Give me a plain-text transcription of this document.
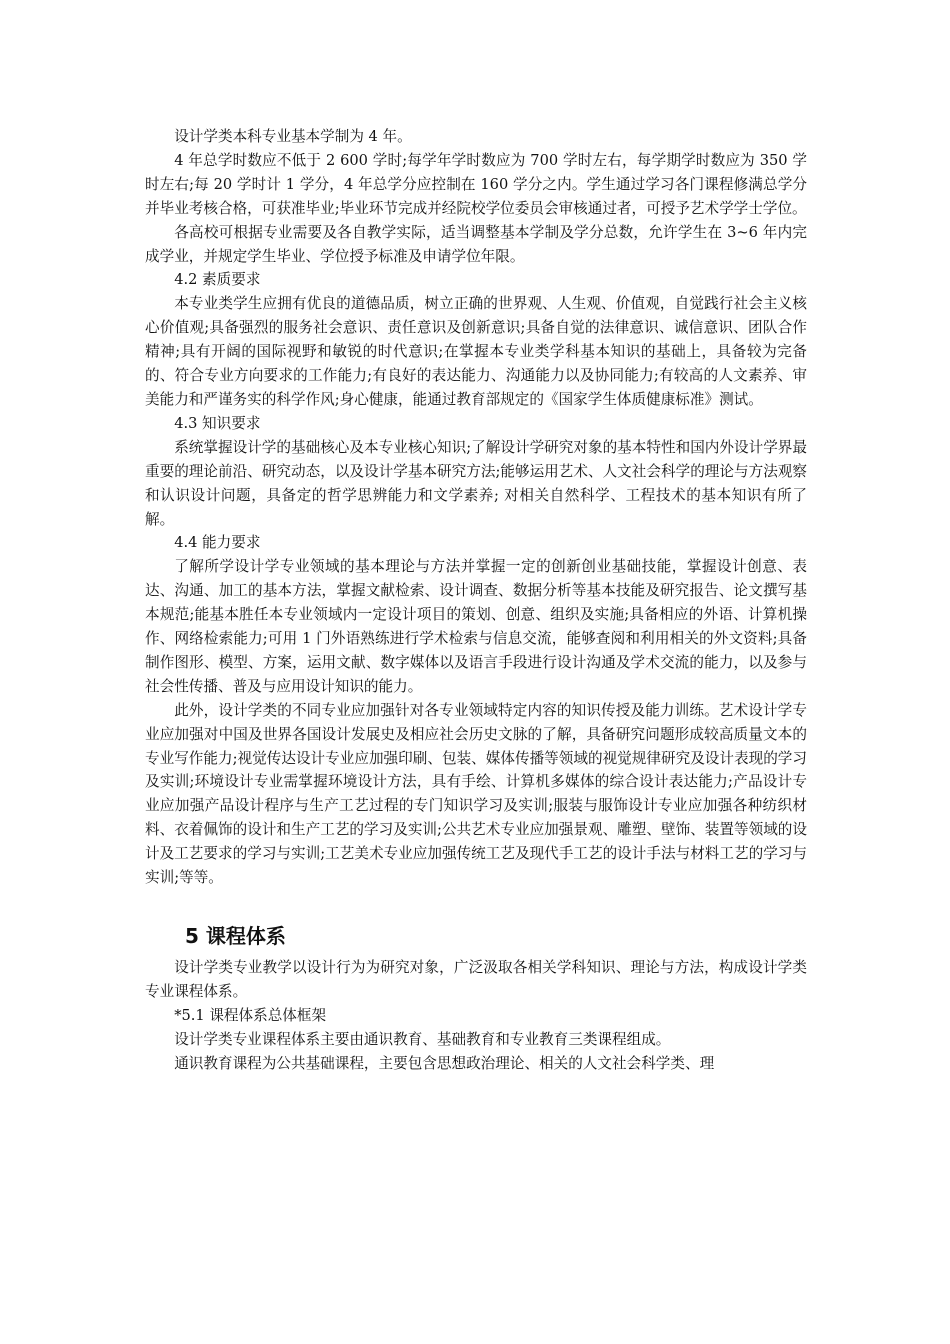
设计学类本科专业基本学制为 4 年。

4 年总学时数应不低于 2 600 学时;每学年学时数应为 700 学时左右，每学期学时数应为 350 学时左右;每 20 学时计 1 学分，4 年总学分应控制在 160 学分之内。学生通过学习各门课程修满总学分并毕业考核合格，可获准毕业;毕业环节完成并经院校学位委员会审核通过者，可授予艺术学学士学位。

各高校可根据专业需要及各自教学实际，适当调整基本学制及学分总数，允许学生在 3~6 年内完成学业，并规定学生毕业、学位授予标准及申请学位年限。

4.2 素质要求

本专业类学生应拥有优良的道德品质，树立正确的世界观、人生观、价值观，自觉践行社会主义核心价值观;具备强烈的服务社会意识、责任意识及创新意识;具备自觉的法律意识、诚信意识、团队合作精神;具有开阔的国际视野和敏锐的时代意识;在掌握本专业类学科基本知识的基础上，具备较为完备的、符合专业方向要求的工作能力;有良好的表达能力、沟通能力以及协同能力;有较高的人文素养、审美能力和严谨务实的科学作风;身心健康，能通过教育部规定的《国家学生体质健康标准》测试。

4.3 知识要求

系统掌握设计学的基础核心及本专业核心知识;了解设计学研究对象的基本特性和国内外设计学界最重要的理论前沿、研究动态，以及设计学基本研究方法;能够运用艺术、人文社会科学的理论与方法观察和认识设计问题，具备定的哲学思辨能力和文学素养; 对相关自然科学、工程技术的基本知识有所了解。

4.4 能力要求

了解所学设计学专业领域的基本理论与方法并掌握一定的创新创业基础技能，掌握设计创意、表达、沟通、加工的基本方法，掌握文献检索、设计调查、数据分析等基本技能及研究报告、论文撰写基本规范;能基本胜任本专业领域内一定设计项目的策划、创意、组织及实施;具备相应的外语、计算机操作、网络检索能力;可用 1 门外语熟练进行学术检索与信息交流，能够查阅和利用相关的外文资料;具备制作图形、模型、方案，运用文献、数字媒体以及语言手段进行设计沟通及学术交流的能力，以及参与社会性传播、普及与应用设计知识的能力。

此外，设计学类的不同专业应加强针对各专业领域特定内容的知识传授及能力训练。艺术设计学专业应加强对中国及世界各国设计发展史及相应社会历史文脉的了解，具备研究问题形成较高质量文本的专业写作能力;视觉传达设计专业应加强印刷、包装、媒体传播等领域的视觉规律研究及设计表现的学习及实训;环境设计专业需掌握环境设计方法，具有手绘、计算机多媒体的综合设计表达能力;产品设计专业应加强产品设计程序与生产工艺过程的专门知识学习及实训;服装与服饰设计专业应加强各种纺织材料、衣着佩饰的设计和生产工艺的学习及实训;公共艺术专业应加强景观、雕塑、壁饰、装置等领域的设计及工艺要求的学习与实训;工艺美术专业应加强传统工艺及现代手工艺的设计手法与材料工艺的学习与实训;等等。

5 课程体系

设计学类专业教学以设计行为为研究对象，广泛汲取各相关学科知识、理论与方法，构成设计学类专业课程体系。

*5.1 课程体系总体框架

设计学类专业课程体系主要由通识教育、基础教育和专业教育三类课程组成。

通识教育课程为公共基础课程，主要包含思想政治理论、相关的人文社会科学类、理
